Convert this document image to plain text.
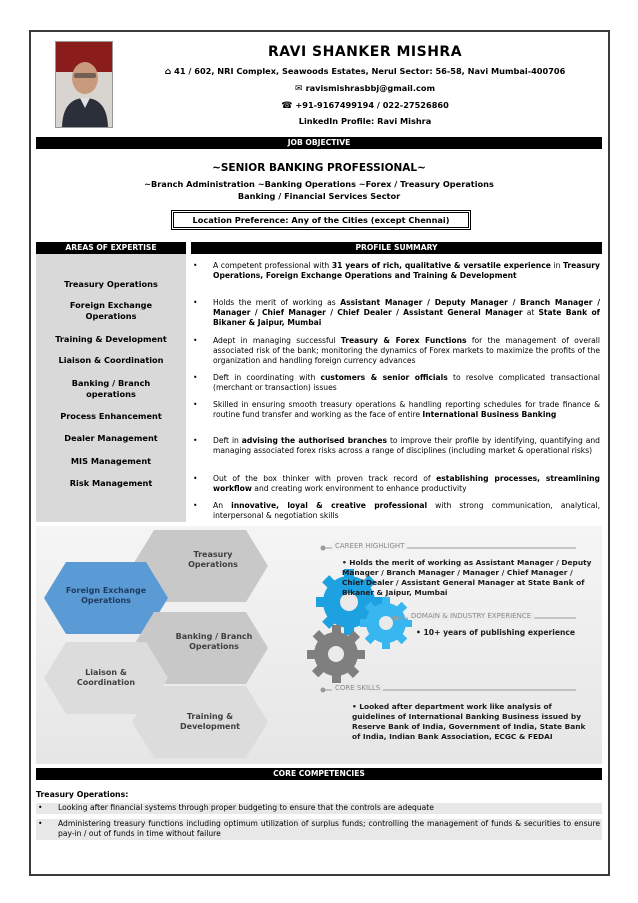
RAVI SHANKER MISHRA
⌂ 41 / 602, NRI Complex, Seawoods Estates, Nerul Sector: 56-58, Navi Mumbai-400706
✉ ravismishrasbbj@gmail.com
☎ +91-9167499194 / 022-27526860
LinkedIn Profile: Ravi Mishra
JOB OBJECTIVE
~SENIOR BANKING PROFESSIONAL~
~Branch Administration ~Banking Operations ~Forex / Treasury Operations
Banking / Financial Services Sector
Location Preference: Any of the Cities (except Chennai)
AREAS OF EXPERTISE	PROFILE SUMMARY
Treasury Operations
Foreign Exchange Operations
Training & Development
Liaison & Coordination
Banking / Branch operations
Process Enhancement
Dealer Management
MIS Management
Risk Management
• A competent professional with 31 years of rich, qualitative & versatile experience in Treasury Operations, Foreign Exchange Operations and Training & Development
• Holds the merit of working as Assistant Manager / Deputy Manager / Branch Manager / Manager / Chief Manager / Chief Dealer / Assistant General Manager at State Bank of Bikaner & Jaipur, Mumbai
• Adept in managing successful Treasury & Forex Functions for the management of overall associated risk of the bank; monitoring the dynamics of Forex markets to maximize the profits of the organization and handling foreign currency advances
• Deft in coordinating with customers & senior officials to resolve complicated transactional (merchant or transaction) issues
• Skilled in ensuring smooth treasury operations & handling reporting schedules for trade finance & routine fund transfer and working as the face of entire International Business Banking
• Deft in advising the authorised branches to improve their profile by identifying, quantifying and managing associated forex risks across a range of disciplines (including market & operational risks)
• Out of the box thinker with proven track record of establishing processes, streamlining workflow and creating work environment to enhance productivity
• An innovative, loyal & creative professional with strong communication, analytical, interpersonal & negotiation skills
Treasury Operations
Foreign Exchange Operations
Banking / Branch Operations
Liaison & Coordination
Training & Development
CAREER HIGHLIGHT
• Holds the merit of working as Assistant Manager / Deputy Manager / Branch Manager / Manager / Chief Manager / Chief Dealer / Assistant General Manager at State Bank of Bikaner & Jaipur, Mumbai
DOMAIN & INDUSTRY EXPERIENCE
• 10+ years of publishing experience
CORE SKILLS
• Looked after department work like analysis of guidelines of International Banking Business issued by Reserve Bank of India, Government of India, State Bank of India, Indian Bank Association, ECGC & FEDAI
CORE COMPETENCIES
Treasury Operations:
• Looking after financial systems through proper budgeting to ensure that the controls are adequate
• Administering treasury functions including optimum utilization of surplus funds; controlling the management of funds & securities to ensure pay-in / out of funds in time without failure
